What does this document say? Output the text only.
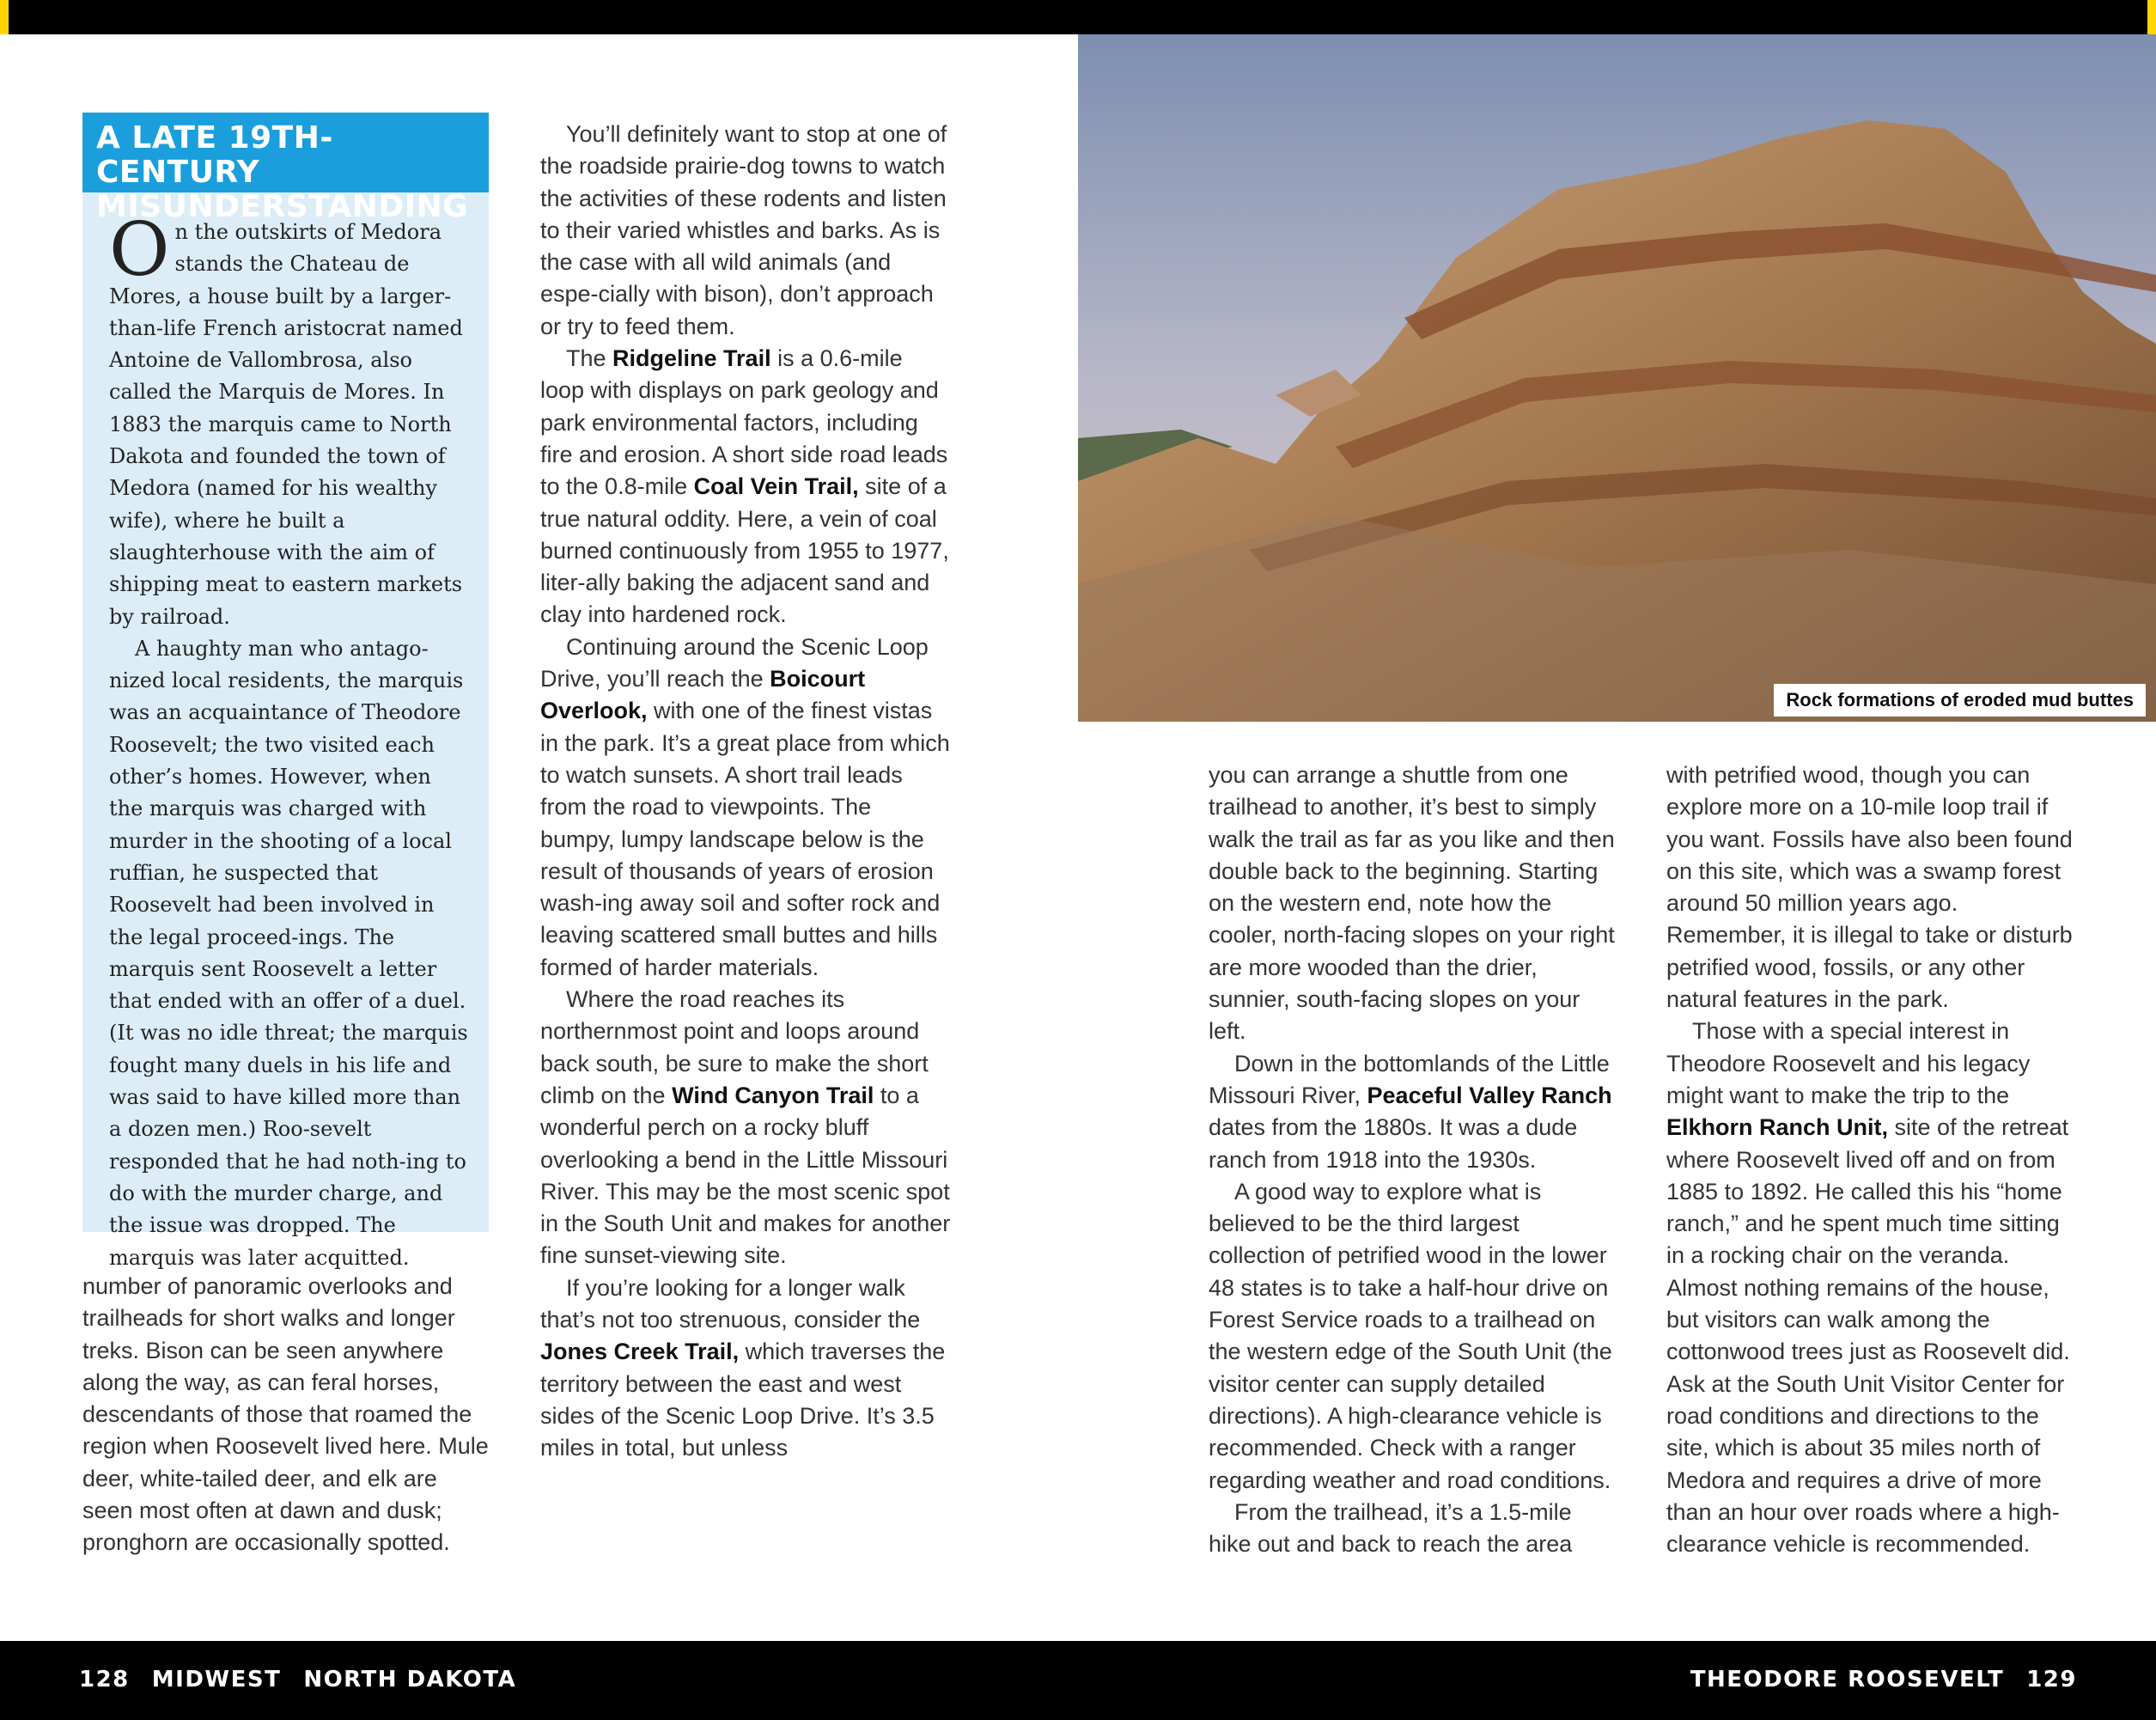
A LATE 19TH-CENTURY
MISUNDERSTANDING

On the outskirts of Medora stands the Chateau de Mores, a house built by a larger-than-life French aristocrat named Antoine de Vallombrosa, also called the Marquis de Mores. In 1883 the marquis came to North Dakota and founded the town of Medora (named for his wealthy wife), where he built a slaughterhouse with the aim of shipping meat to eastern markets by railroad.

A haughty man who antago-nized local residents, the marquis was an acquaintance of Theodore Roosevelt; the two visited each other’s homes. However, when the marquis was charged with murder in the shooting of a local ruffian, he suspected that Roosevelt had been involved in the legal proceed-ings. The marquis sent Roosevelt a letter that ended with an offer of a duel. (It was no idle threat; the marquis fought many duels in his life and was said to have killed more than a dozen men.) Roo-sevelt responded that he had noth-ing to do with the murder charge, and the issue was dropped. The marquis was later acquitted.

number of panoramic overlooks and trailheads for short walks and longer treks. Bison can be seen anywhere along the way, as can feral horses, descendants of those that roamed the region when Roosevelt lived here. Mule deer, white-tailed deer, and elk are seen most often at dawn and dusk; pronghorn are occasionally spotted.

You’ll definitely want to stop at one of the roadside prairie-dog towns to watch the activities of these rodents and listen to their varied whistles and barks. As is the case with all wild animals (and espe-cially with bison), don’t approach or try to feed them.

The Ridgeline Trail is a 0.6-mile loop with displays on park geology and park environmental factors, including fire and erosion. A short side road leads to the 0.8-mile Coal Vein Trail, site of a true natural oddity. Here, a vein of coal burned continuously from 1955 to 1977, liter-ally baking the adjacent sand and clay into hardened rock.

Continuing around the Scenic Loop Drive, you’ll reach the Boicourt Overlook, with one of the finest vistas in the park. It’s a great place from which to watch sunsets. A short trail leads from the road to viewpoints. The bumpy, lumpy landscape below is the result of thousands of years of erosion wash-ing away soil and softer rock and leaving scattered small buttes and hills formed of harder materials.

Where the road reaches its northernmost point and loops around back south, be sure to make the short climb on the Wind Canyon Trail to a wonderful perch on a rocky bluff overlooking a bend in the Little Missouri River. This may be the most scenic spot in the South Unit and makes for another fine sunset-viewing site.

If you’re looking for a longer walk that’s not too strenuous, consider the Jones Creek Trail, which traverses the territory between the east and west sides of the Scenic Loop Drive. It’s 3.5 miles in total, but unless

Rock formations of eroded mud buttes

you can arrange a shuttle from one trailhead to another, it’s best to simply walk the trail as far as you like and then double back to the beginning. Starting on the western end, note how the cooler, north-facing slopes on your right are more wooded than the drier, sunnier, south-facing slopes on your left.

Down in the bottomlands of the Little Missouri River, Peaceful Valley Ranch dates from the 1880s. It was a dude ranch from 1918 into the 1930s.

A good way to explore what is believed to be the third largest collection of petrified wood in the lower 48 states is to take a half-hour drive on Forest Service roads to a trailhead on the western edge of the South Unit (the visitor center can supply detailed directions). A high-clearance vehicle is recommended. Check with a ranger regarding weather and road conditions.

From the trailhead, it’s a 1.5-mile hike out and back to reach the area

with petrified wood, though you can explore more on a 10-mile loop trail if you want. Fossils have also been found on this site, which was a swamp forest around 50 million years ago. Remember, it is illegal to take or disturb petrified wood, fossils, or any other natural features in the park.

Those with a special interest in Theodore Roosevelt and his legacy might want to make the trip to the Elkhorn Ranch Unit, site of the retreat where Roosevelt lived off and on from 1885 to 1892. He called this his “home ranch,” and he spent much time sitting in a rocking chair on the veranda. Almost nothing remains of the house, but visitors can walk among the cottonwood trees just as Roosevelt did. Ask at the South Unit Visitor Center for road conditions and directions to the site, which is about 35 miles north of Medora and requires a drive of more than an hour over roads where a high-clearance vehicle is recommended.

128 MIDWEST NORTH DAKOTA	THEODORE ROOSEVELT 129
